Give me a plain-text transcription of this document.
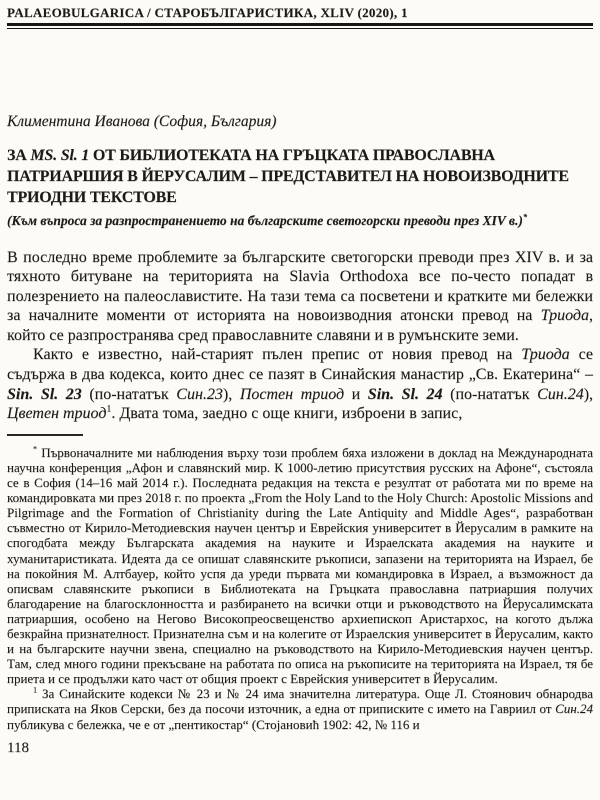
PALAEOBULGARICA / СТАРОБЪЛГАРИСТИКА, XLIV (2020), 1
Климентина Иванова (София, България)
ЗА MS. Sl. 1 ОТ БИБЛИОТЕКАТА НА ГРЪЦКАТА ПРАВОСЛАВНА
ПАТРИАРШИЯ В ЙЕРУСАЛИМ – ПРЕДСТАВИТЕЛ НА НОВОИЗВОДНИТЕ
ТРИОДНИ ТЕКСТОВЕ
(Към въпроса за разпространението на българските светогорски преводи през XIV в.)*

В последно време проблемите за българските светогорски преводи през XIV в. и за тяхното битуване на територията на Slavia Orthodoxa все по-често попадат в полезрението на палеославистите. На тази тема са посветени и кратките ми бележки за началните моменти от историята на новоизводния атонски превод на Триода, който се разпространява сред православните славяни и в румънските земи.

Както е известно, най-старият пълен препис от новия превод на Триода се съдържа в два кодекса, които днес се пазят в Синайския манастир „Св. Екатерина“ – Sin. Sl. 23 (по-нататък Син.23), Постен триод и Sin. Sl. 24 (по-нататък Син.24), Цветен триод$^1$. Двата тома, заедно с още книги, изброени в запис,

* Първоначалните ми наблюдения върху този проблем бяха изложени в доклад на Международната научна конференция „Афон и славянский мир. К 1000-летию присутствия русских на Афоне“, състояла се в София (14–16 май 2014 г.). Последната редакция на текста е резултат от работата ми по време на командировката ми през 2018 г. по проекта „From the Holy Land to the Holy Church: Apostolic Missions and Pilgrimage and the Formation of Christianity during the Late Antiquity and Middle Ages“, разработван съвместно от Кирило-Методиевския научен център и Еврейския университет в Йерусалим в рамките на спогодбата между Българската академия на науките и Израелската академия на науките и хуманитаристиката. Идеята да се опишат славянските ръкописи, запазени на територията на Израел, бе на покойния М. Алтбауер, който успя да уреди първата ми командировка в Израел, а възможност да описвам славянските ръкописи в Библиотеката на Гръцката православна патриаршия получих благодарение на благосклонността и разбирането на всички отци и ръководството на Йерусалимската патриаршия, особено на Негово Високопреосвещенство архиепископ Аристархос, на когото дължа безкрайна признателност. Признателна съм и на колегите от Израелския университет в Йерусалим, както и на българските научни звена, специално на ръководството на Кирило-Методиевския научен център. Там, след много години прекъсване на работата по описа на ръкописите на територията на Израел, тя бе приета и се продължи като част от общия проект с Еврейския университет в Йерусалим.

$^1$ За Синайските кодекси № 23 и № 24 има значителна литература. Още Л. Стоянович обнародва приписката на Яков Серски, без да посочи източник, а една от приписките с името на Гавриил от Син.24 публикува с бележка, че е от „пентикостар“ (Стојановић 1902: 42, № 116 и

118
